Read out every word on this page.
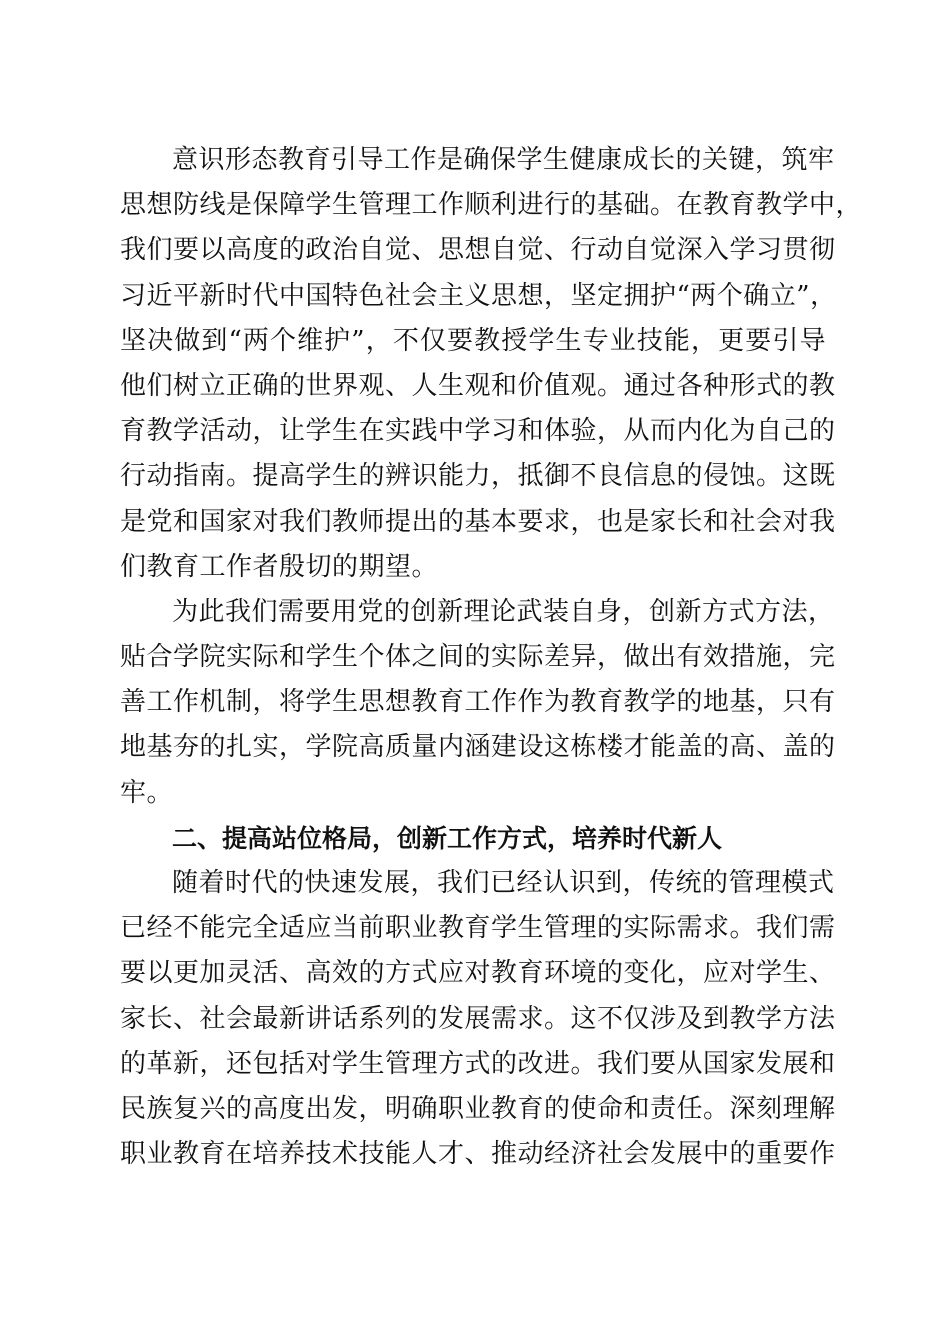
意识形态教育引导工作是确保学生健康成长的关键，筑牢
思想防线是保障学生管理工作顺利进行的基础。在教育教学中，
我们要以高度的政治自觉、思想自觉、行动自觉深入学习贯彻
习近平新时代中国特色社会主义思想，坚定拥护“两个确立”，
坚决做到“两个维护”，不仅要教授学生专业技能，更要引导
他们树立正确的世界观、人生观和价值观。通过各种形式的教
育教学活动，让学生在实践中学习和体验，从而内化为自己的
行动指南。提高学生的辨识能力，抵御不良信息的侵蚀。这既
是党和国家对我们教师提出的基本要求，也是家长和社会对我
们教育工作者殷切的期望。
为此我们需要用党的创新理论武装自身，创新方式方法，
贴合学院实际和学生个体之间的实际差异，做出有效措施，完
善工作机制，将学生思想教育工作作为教育教学的地基，只有
地基夯的扎实，学院高质量内涵建设这栋楼才能盖的高、盖的
牢。
二、提高站位格局，创新工作方式，培养时代新人
随着时代的快速发展，我们已经认识到，传统的管理模式
已经不能完全适应当前职业教育学生管理的实际需求。我们需
要以更加灵活、高效的方式应对教育环境的变化，应对学生、
家长、社会最新讲话系列的发展需求。这不仅涉及到教学方法
的革新，还包括对学生管理方式的改进。我们要从国家发展和
民族复兴的高度出发，明确职业教育的使命和责任。深刻理解
职业教育在培养技术技能人才、推动经济社会发展中的重要作
